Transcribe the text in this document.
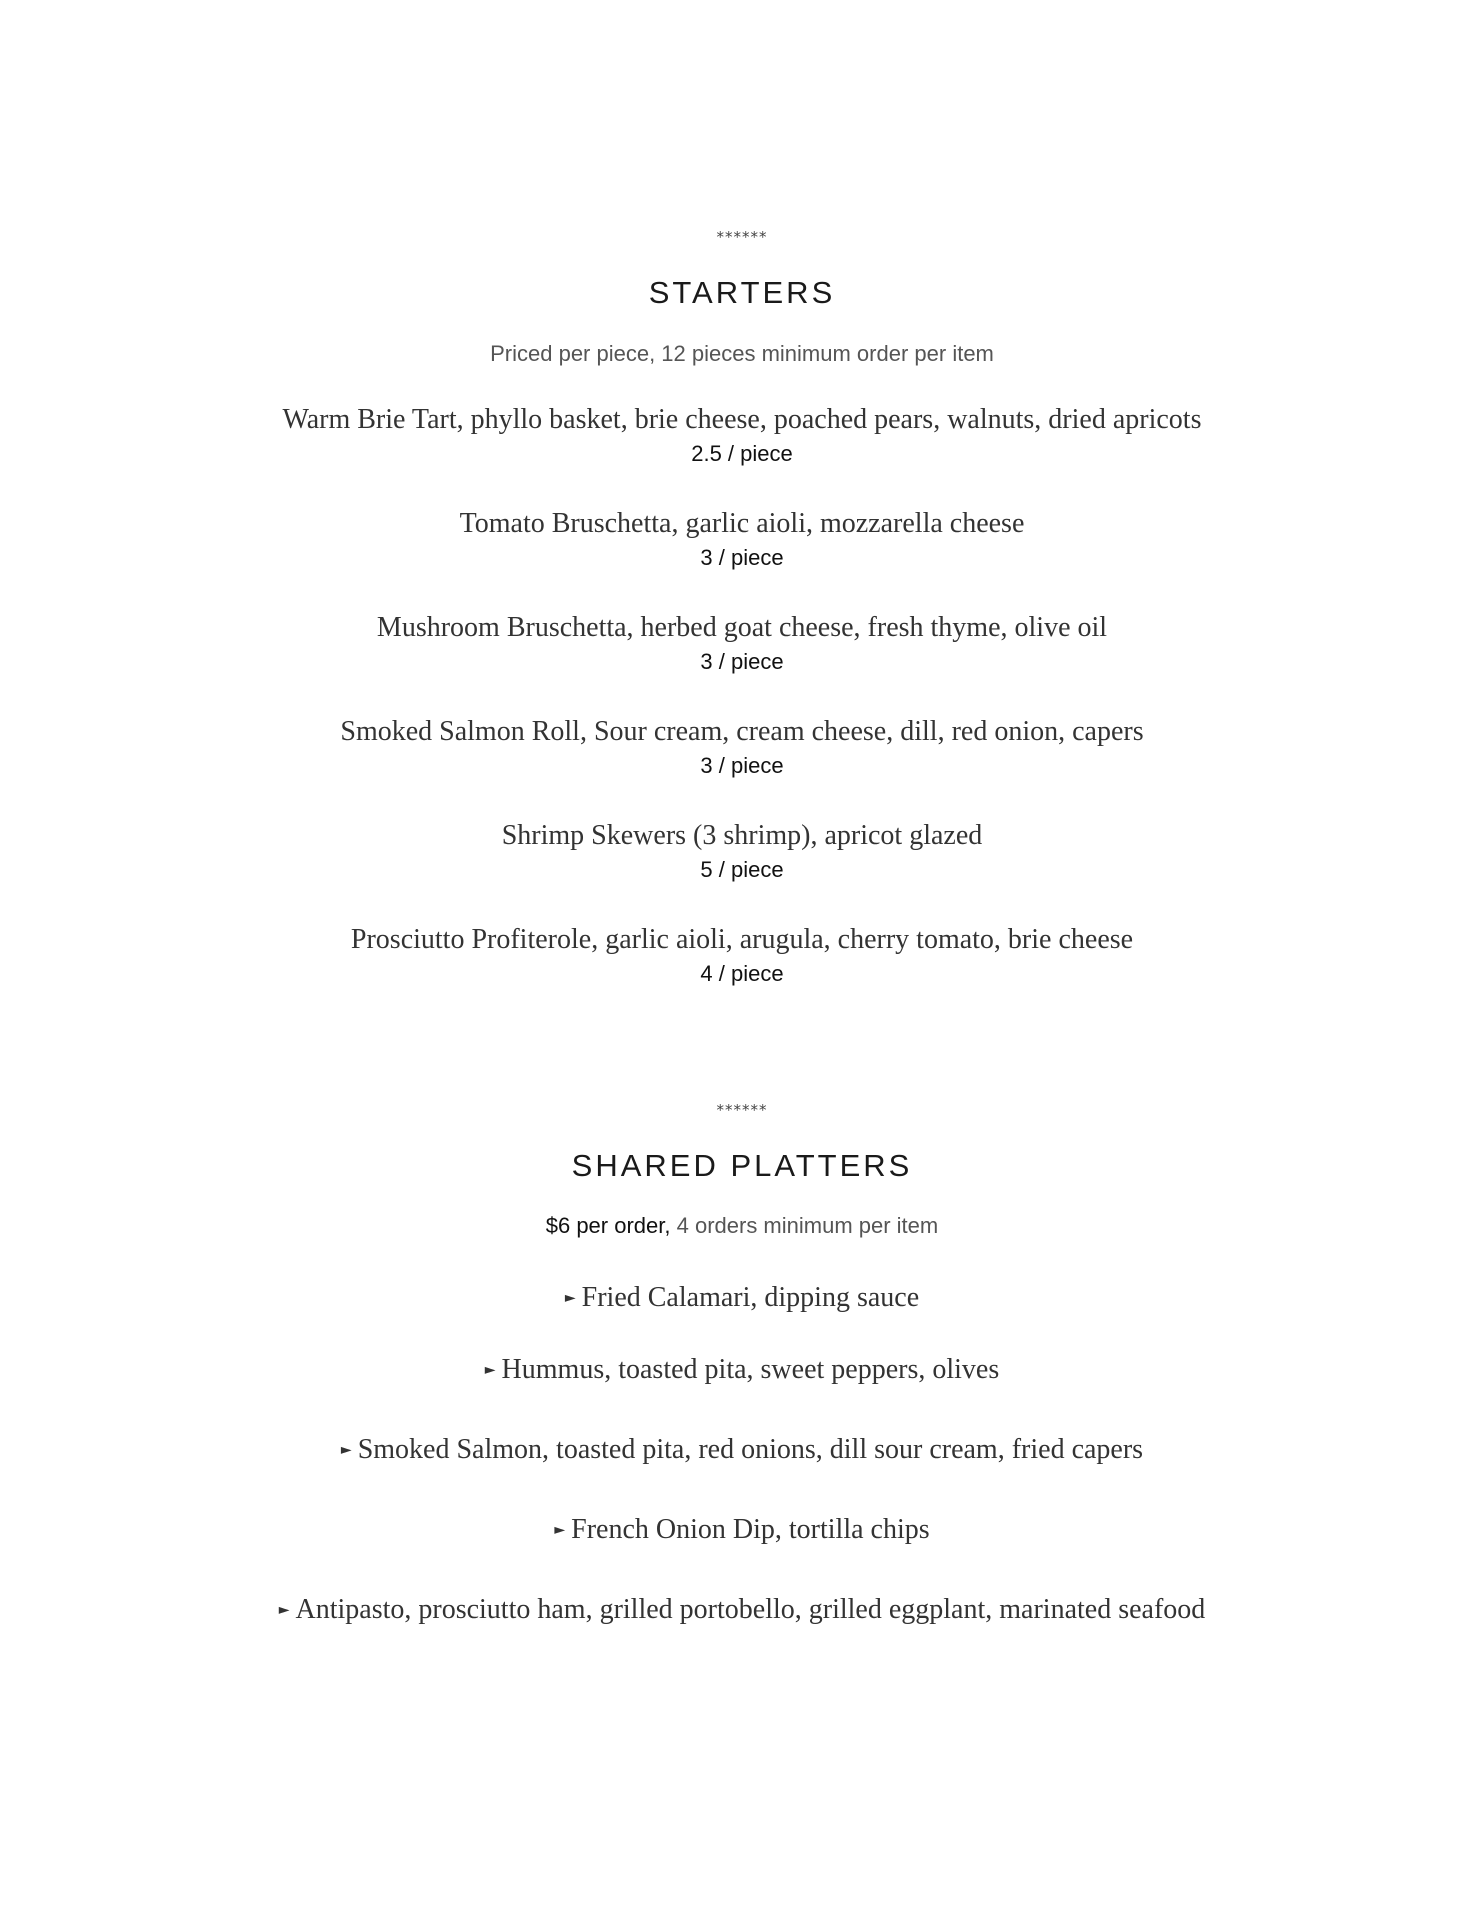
******
STARTERS
Priced per piece, 12 pieces minimum order per item
Warm Brie Tart, phyllo basket, brie cheese, poached pears, walnuts, dried apricots
2.5 / piece
Tomato Bruschetta, garlic aioli, mozzarella cheese
3 / piece
Mushroom Bruschetta, herbed goat cheese, fresh thyme, olive oil
3 / piece
Smoked Salmon Roll, Sour cream, cream cheese, dill, red onion, capers
3 / piece
Shrimp Skewers (3 shrimp), apricot glazed
5 / piece
Prosciutto Profiterole, garlic aioli, arugula, cherry tomato, brie cheese
4 / piece
******
SHARED PLATTERS
$6 per order, 4 orders minimum per item
► Fried Calamari, dipping sauce
► Hummus, toasted pita, sweet peppers, olives
► Smoked Salmon, toasted pita, red onions, dill sour cream, fried capers
► French Onion Dip, tortilla chips
► Antipasto, prosciutto ham, grilled portobello, grilled eggplant, marinated seafood
